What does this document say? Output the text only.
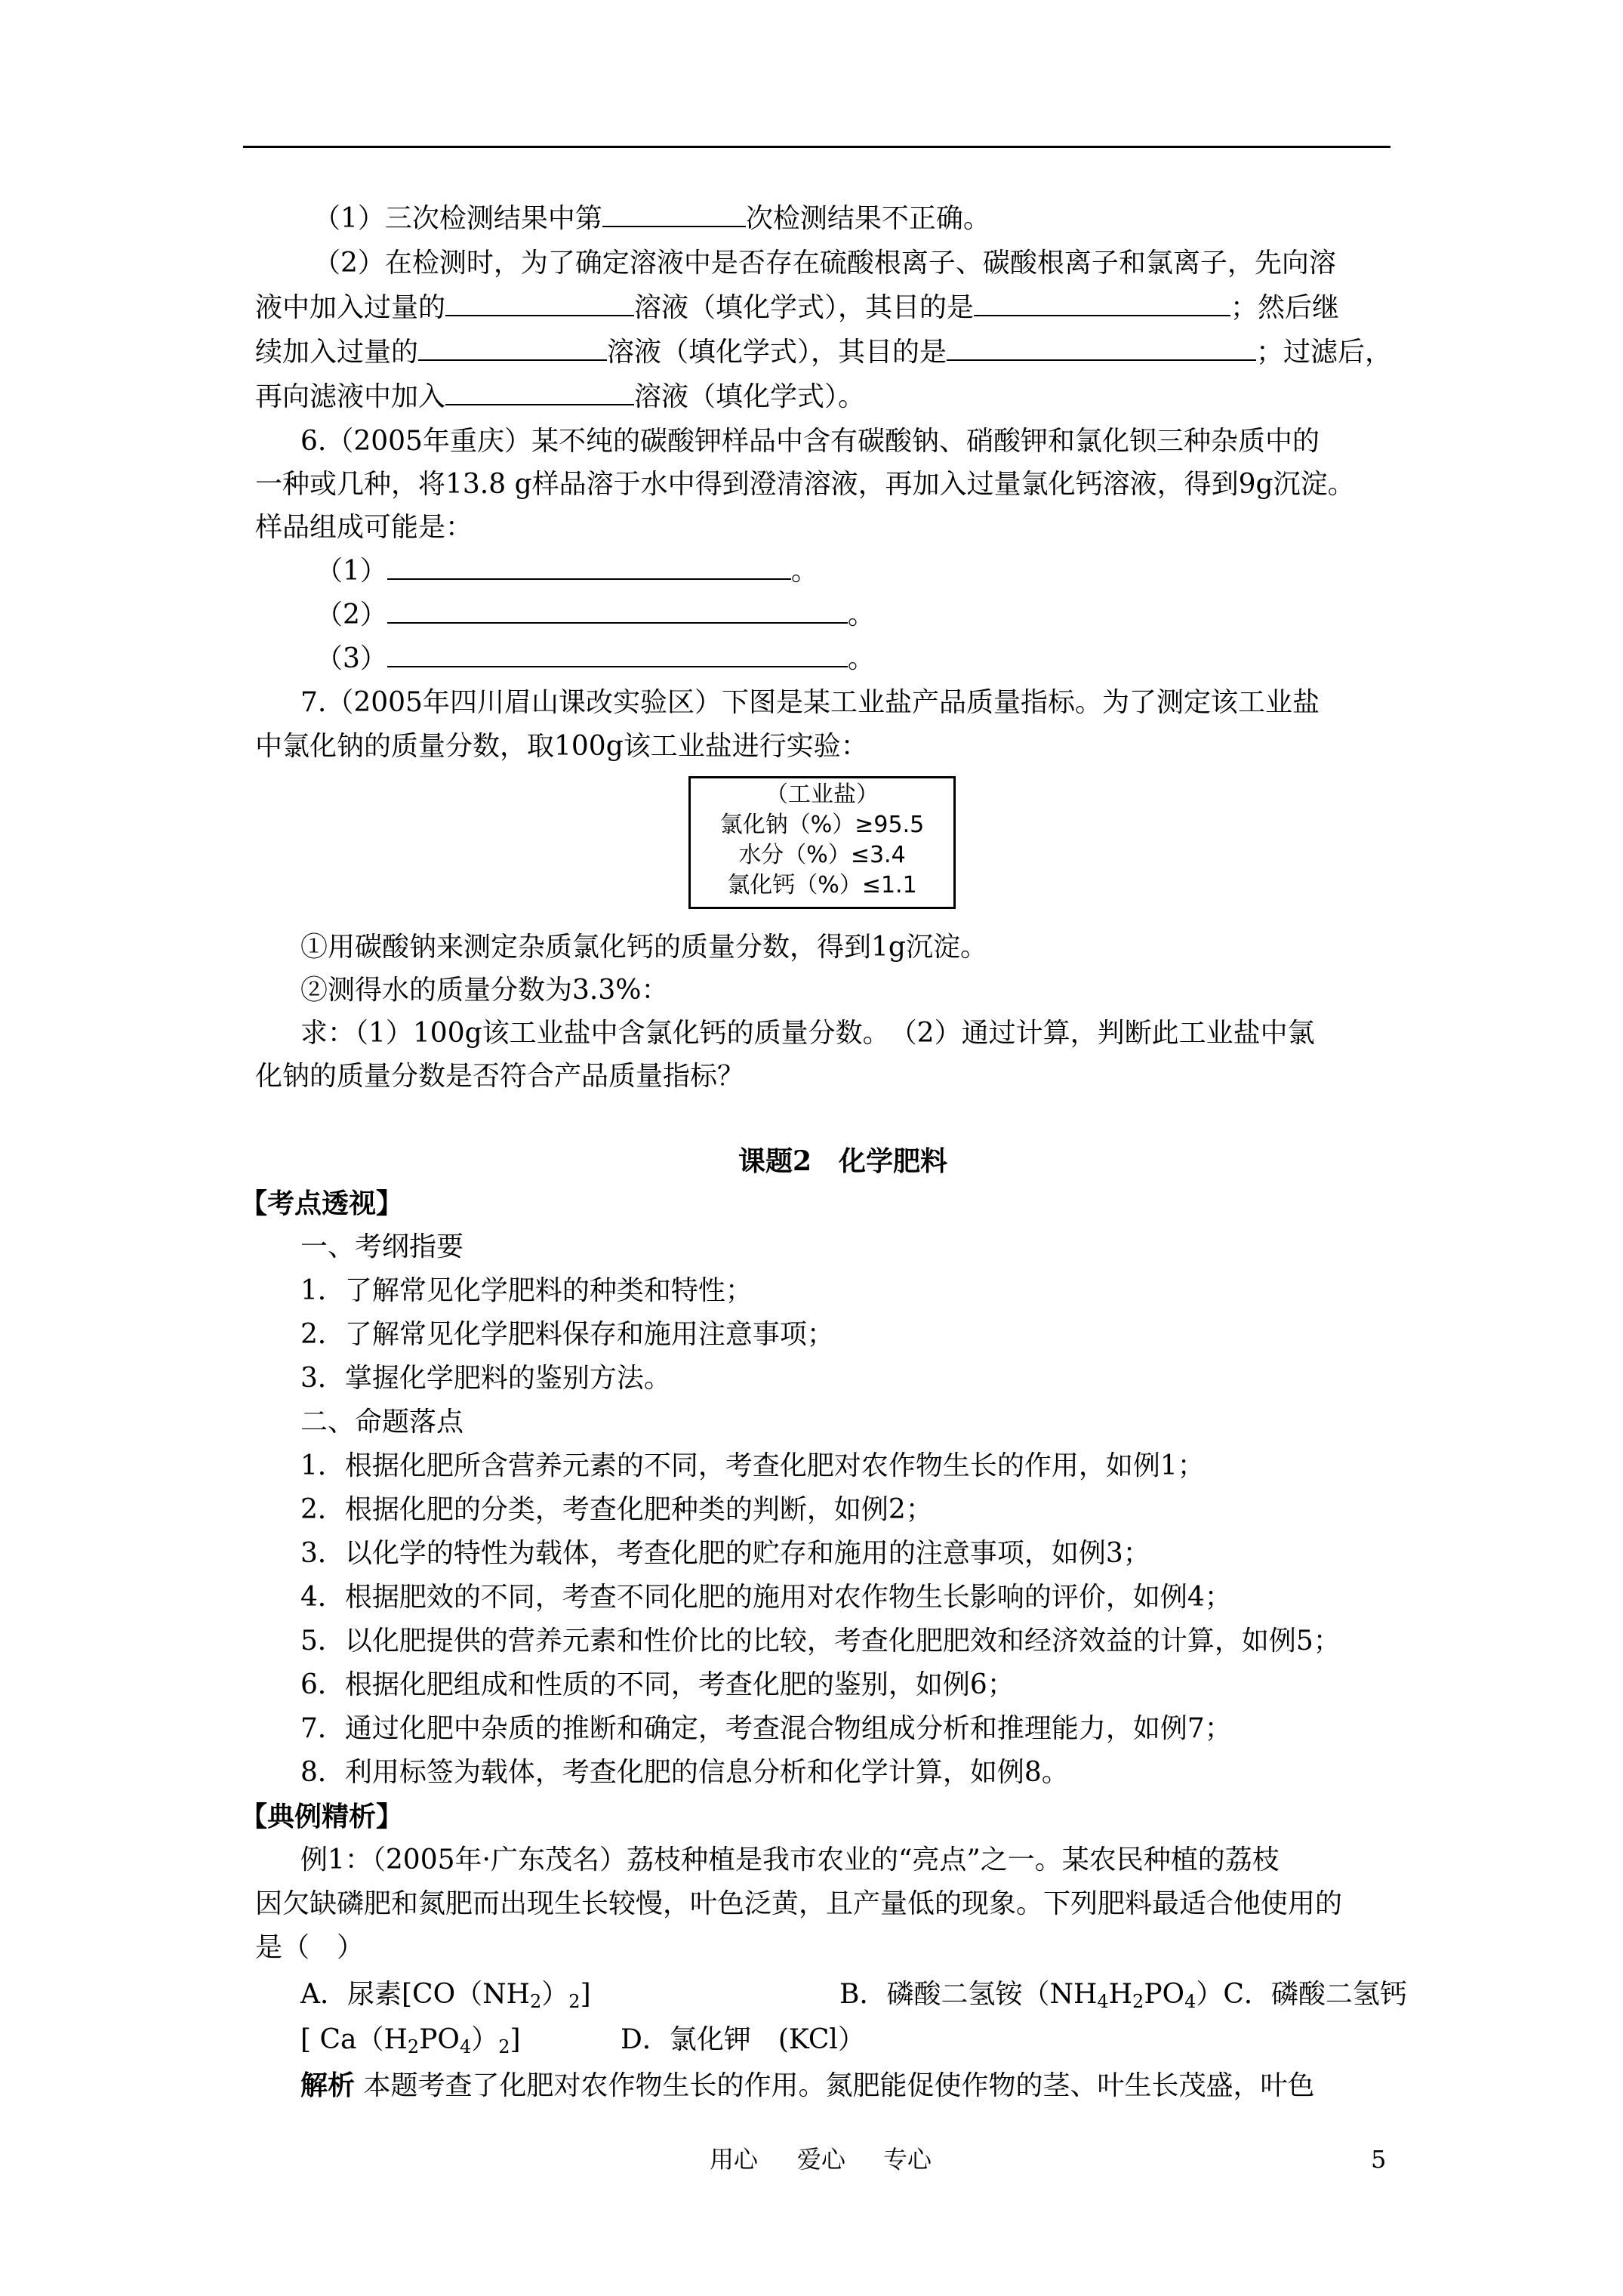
（1）三次检测结果中第	次检测结果不正确。
（2）在检测时，为了确定溶液中是否存在硫酸根离子、碳酸根离子和氯离子，先向溶
液中加入过量的	溶液（填化学式），其目的是	；然后继
续加入过量的	溶液（填化学式），其目的是	；过滤后，
再向滤液中加入	溶液（填化学式）。
6.（2005年重庆）某不纯的碳酸钾样品中含有碳酸钠、硝酸钾和氯化钡三种杂质中的
一种或几种，将13.8 g样品溶于水中得到澄清溶液，再加入过量氯化钙溶液，得到9g沉淀。
样品组成可能是：
（1）	。
（2）	。
（3）	。
7.（2005年四川眉山课改实验区）下图是某工业盐产品质量指标。为了测定该工业盐
中氯化钠的质量分数，取100g该工业盐进行实验：
（工业盐）
氯化钠（%）≥95.5
水分（%）≤3.4
氯化钙（%）≤1.1
①用碳酸钠来测定杂质氯化钙的质量分数，得到1g沉淀。
②测得水的质量分数为3.3%：
求：（1）100g该工业盐中含氯化钙的质量分数。　（2）通过计算，判断此工业盐中氯
化钠的质量分数是否符合产品质量指标？
课题2　化学肥料
【考点透视】
一、考纲指要
1．了解常见化学肥料的种类和特性；
2．了解常见化学肥料保存和施用注意事项；
3．掌握化学肥料的鉴别方法。
二、命题落点
1．根据化肥所含营养元素的不同，考查化肥对农作物生长的作用，如例1；
2．根据化肥的分类，考查化肥种类的判断，如例2；
3．以化学的特性为载体，考查化肥的贮存和施用的注意事项，如例3；
4．根据肥效的不同，考查不同化肥的施用对农作物生长影响的评价，如例4；
5．以化肥提供的营养元素和性价比的比较，考查化肥肥效和经济效益的计算，如例5；
6．根据化肥组成和性质的不同，考查化肥的鉴别，如例6；
7．通过化肥中杂质的推断和确定，考查混合物组成分析和推理能力，如例7；
8．利用标签为载体，考查化肥的信息分析和化学计算，如例8。
【典例精析】
例1：（2005年·广东茂名）荔枝种植是我市农业的“亮点”之一。某农民种植的荔枝
因欠缺磷肥和氮肥而出现生长较慢，叶色泛黄，且产量低的现象。下列肥料最适合他使用的
是（　）
A．尿素$[CO(NH_2)_2]$	B．磷酸二氢铵$(NH_4H_2PO_4)C$．磷酸二氢钙
[ $Ca(H_2PO_4)_2$]	D．氯化钾　(KCl）
解析 本题考查了化肥对农作物生长的作用。氮肥能促使作物的茎、叶生长茂盛，叶色
用心 爱心 专心	5
